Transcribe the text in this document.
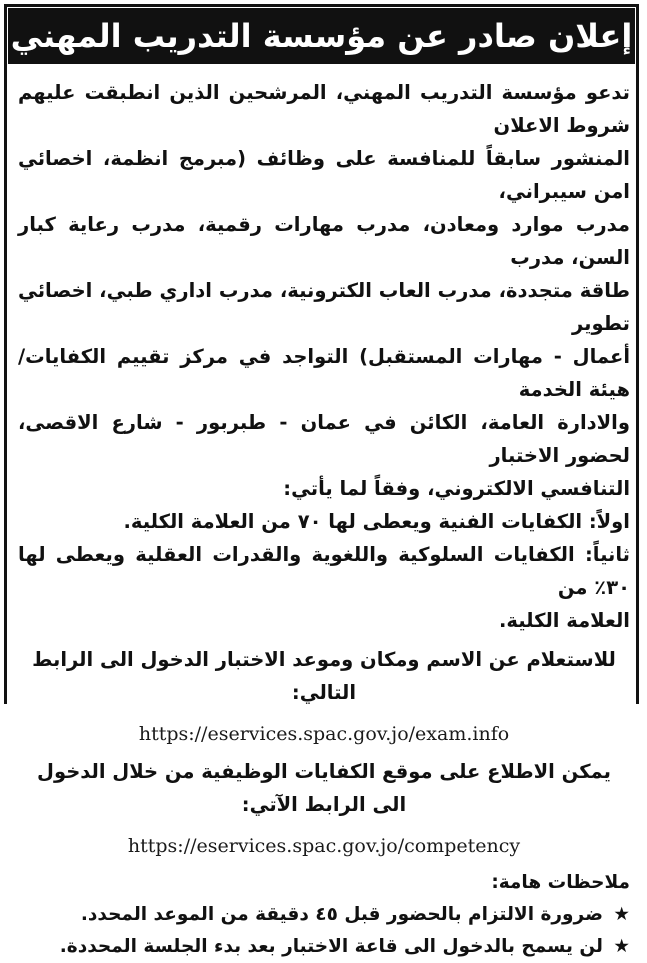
إعلان صادر عن مؤسسة التدريب المهني

تدعو مؤسسة التدريب المهني، المرشحين الذين انطبقت عليهم شروط الاعلان

المنشور سابقاً للمنافسة على وظائف (مبرمج انظمة، اخصائي امن سيبراني،

مدرب موارد ومعادن، مدرب مهارات رقمية، مدرب رعاية كبار السن، مدرب

طاقة متجددة، مدرب العاب الكترونية، مدرب اداري طبي، اخصائي تطوير

أعمال - مهارات المستقبل) التواجد في مركز تقييم الكفايات/هيئة الخدمة

والادارة العامة، الكائن في عمان - طبربور - شارع الاقصى، لحضور الاختبار

التنافسي الالكتروني، وفقاً لما يأتي:

اولاً: الكفايات الفنية ويعطى لها ٧٠ من العلامة الكلية.

ثانياً: الكفايات السلوكية واللغوية والقدرات العقلية ويعطى لها ٣٠٪ من

العلامة الكلية.

للاستعلام عن الاسم ومكان وموعد الاختبار الدخول الى الرابط التالي:

https://eservices.spac.gov.jo/exam.info

يمكن الاطلاع على موقع الكفايات الوظيفية من خلال الدخول الى الرابط الآتي:

https://eservices.spac.gov.jo/competency

ملاحظات هامة:

★ ضرورة الالتزام بالحضور قبل ٤٥ دقيقة من الموعد المحدد.

★ لن يسمح بالدخول الى قاعة الاختبار بعد بدء الجلسة المحددة.
